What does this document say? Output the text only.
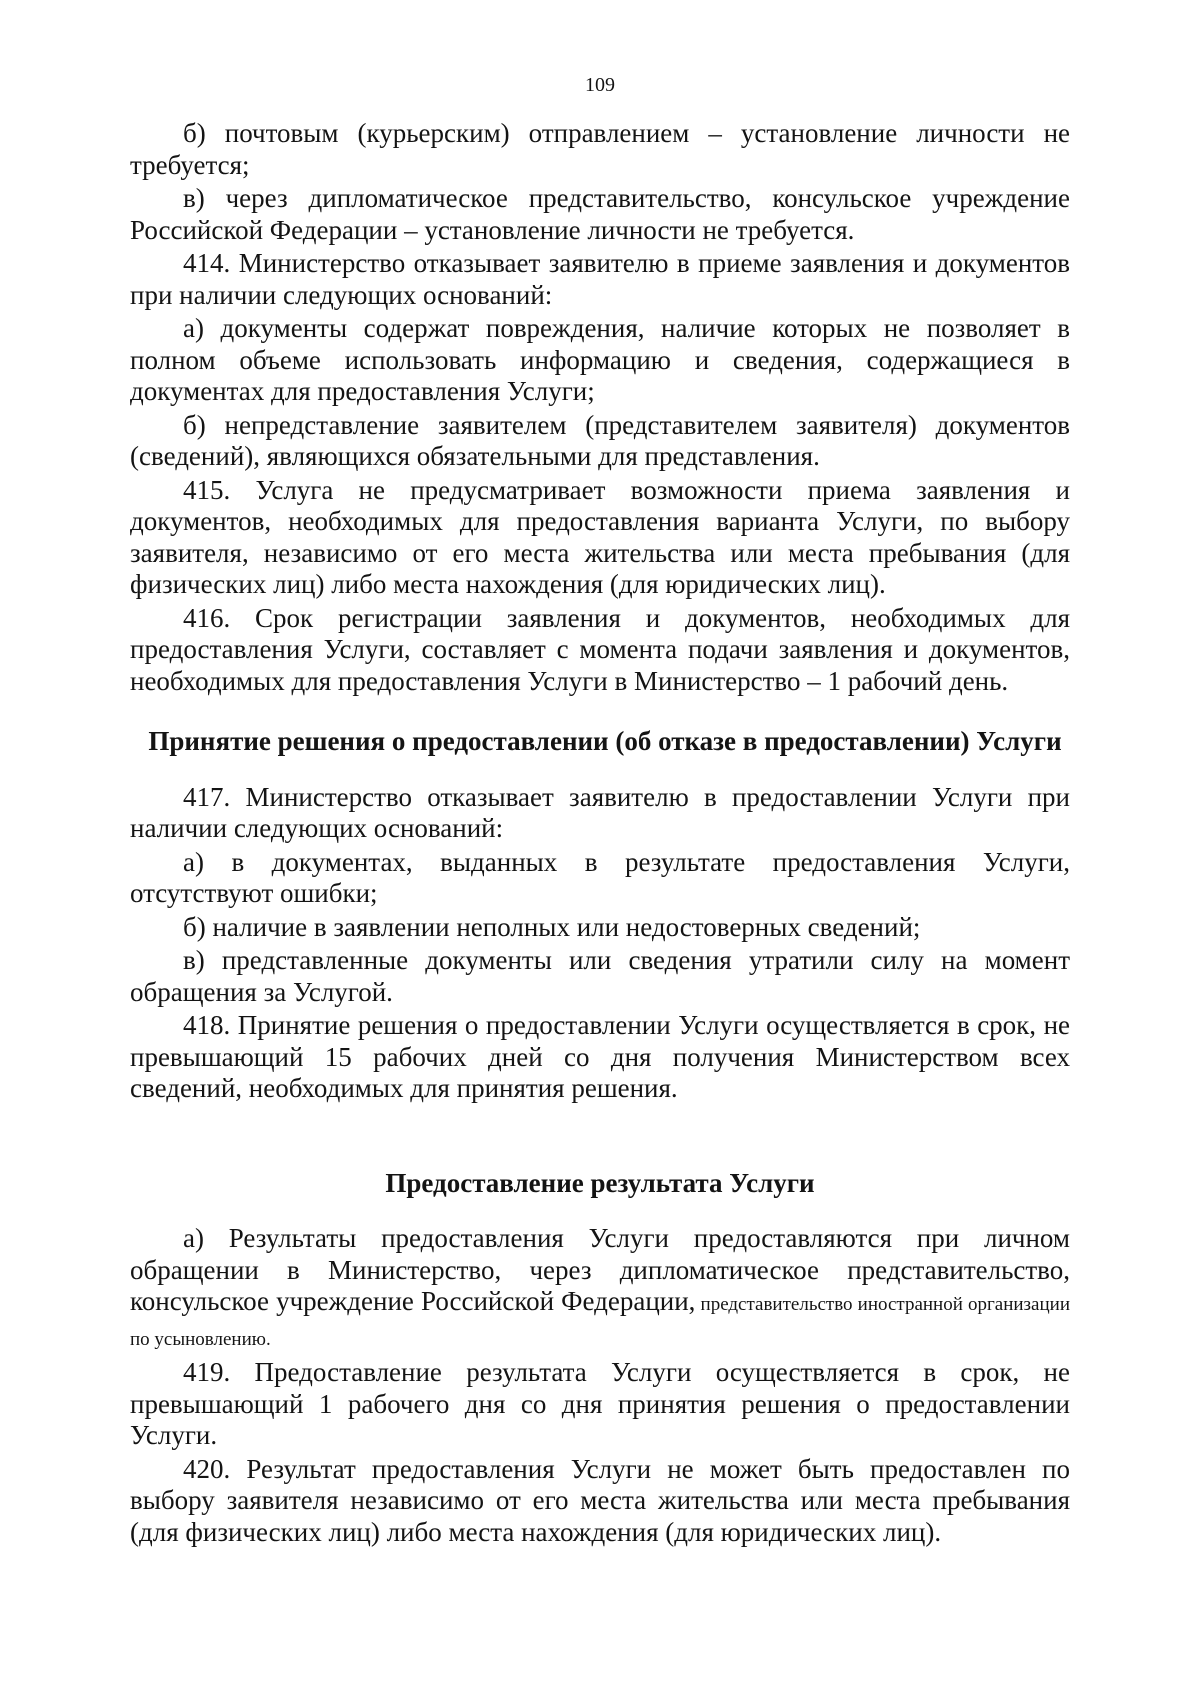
109

б) почтовым (курьерским) отправлением – установление личности не требуется;

в) через дипломатическое представительство, консульское учреждение Российской Федерации – установление личности не требуется.

414. Министерство отказывает заявителю в приеме заявления и документов при наличии следующих оснований:

а) документы содержат повреждения, наличие которых не позволяет в полном объеме использовать информацию и сведения, содержащиеся в документах для предоставления Услуги;

б) непредставление заявителем (представителем заявителя) документов (сведений), являющихся обязательными для представления.

415. Услуга не предусматривает возможности приема заявления и документов, необходимых для предоставления варианта Услуги, по выбору заявителя, независимо от его места жительства или места пребывания (для физических лиц) либо места нахождения (для юридических лиц).

416. Срок регистрации заявления и документов, необходимых для предоставления Услуги, составляет с момента подачи заявления и документов, необходимых для предоставления Услуги в Министерство – 1 рабочий день.

Принятие решения о предоставлении (об отказе в предоставлении) Услуги

417. Министерство отказывает заявителю в предоставлении Услуги при наличии следующих оснований:

а) в документах, выданных в результате предоставления Услуги, отсутствуют ошибки;

б) наличие в заявлении неполных или недостоверных сведений;

в) представленные документы или сведения утратили силу на момент обращения за Услугой.

418. Принятие решения о предоставлении Услуги осуществляется в срок, не превышающий 15 рабочих дней со дня получения Министерством всех сведений, необходимых для принятия решения.

Предоставление результата Услуги

а) Результаты предоставления Услуги предоставляются при личном обращении в Министерство, через дипломатическое представительство, консульское учреждение Российской Федерации, представительство иностранной организации по усыновлению.

419. Предоставление результата Услуги осуществляется в срок, не превышающий 1 рабочего дня со дня принятия решения о предоставлении Услуги.

420. Результат предоставления Услуги не может быть предоставлен по выбору заявителя независимо от его места жительства или места пребывания (для физических лиц) либо места нахождения (для юридических лиц).
